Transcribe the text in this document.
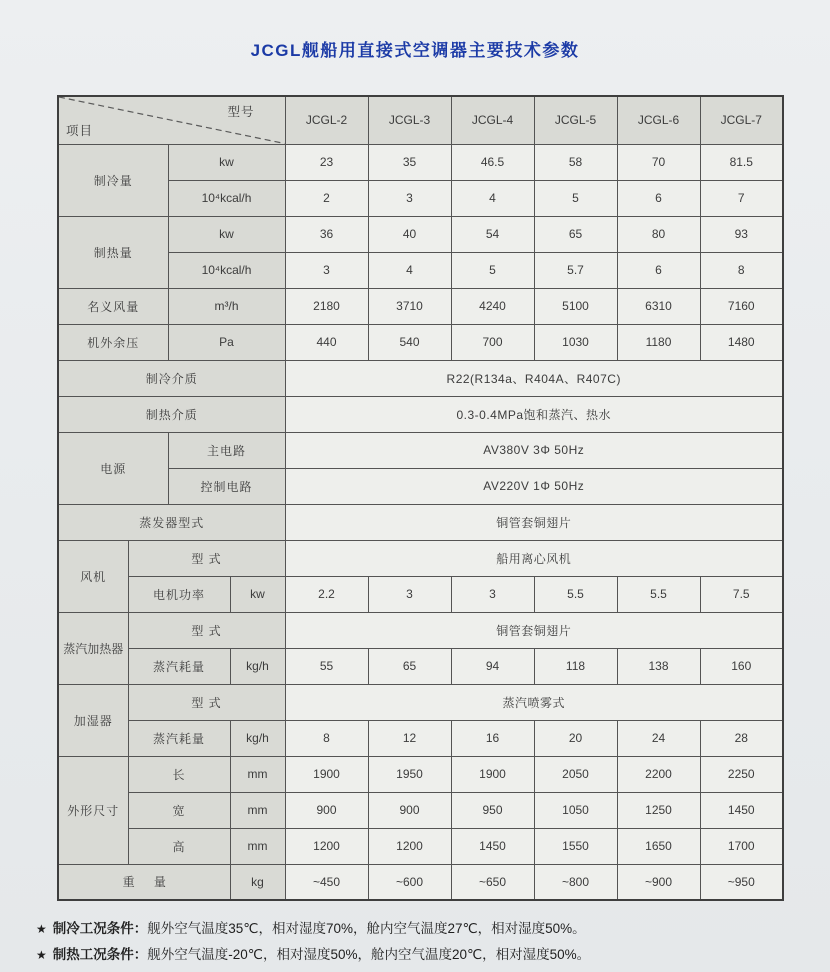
JCGL舰船用直接式空调器主要技术参数
项目
型号				JCGL-2	JCGL-3	JCGL-4	JCGL-5	JCGL-6	JCGL-7
制冷量		kw		23	35	46.5	58	70	81.5
		10⁴kcal/h		2	3	4	5	6	7
制热量		kw		36	40	54	65	80	93
		10⁴kcal/h		3	4	5	5.7	6	8
名义风量		m³/h		2180	3710	4240	5100	6310	7160
机外余压		Pa		440	540	700	1030	1180	1480
制冷介质				R22(R134a、R404A、R407C)					
制热介质				0.3-0.4MPa饱和蒸汽、热水					
电源		主电路		AV380V 3Φ 50Hz					
		控制电路		AV220V 1Φ 50Hz					
蒸发器型式				铜管套铜翅片					
风机	型 式			船用离心风机					
	电机功率		kw	2.2	3	3	5.5	5.5	7.5
蒸汽加热器	型 式			铜管套铜翅片					
	蒸汽耗量		kg/h	55	65	94	118	138	160
加湿器	型 式			蒸汽喷雾式					
	蒸汽耗量		kg/h	8	12	16	20	24	28
外形尺寸	长		mm	1900	1950	1900	2050	2200	2250
	宽		mm	900	900	950	1050	1250	1450
	高		mm	1200	1200	1450	1550	1650	1700
重 量			kg	~450	~600	~650	~800	~900	~950
★ 制冷工况条件：舰外空气温度35℃，相对湿度70%，舱内空气温度27℃，相对湿度50%。
★ 制热工况条件：舰外空气温度-20℃，相对湿度50%，舱内空气温度20℃，相对湿度50%。
